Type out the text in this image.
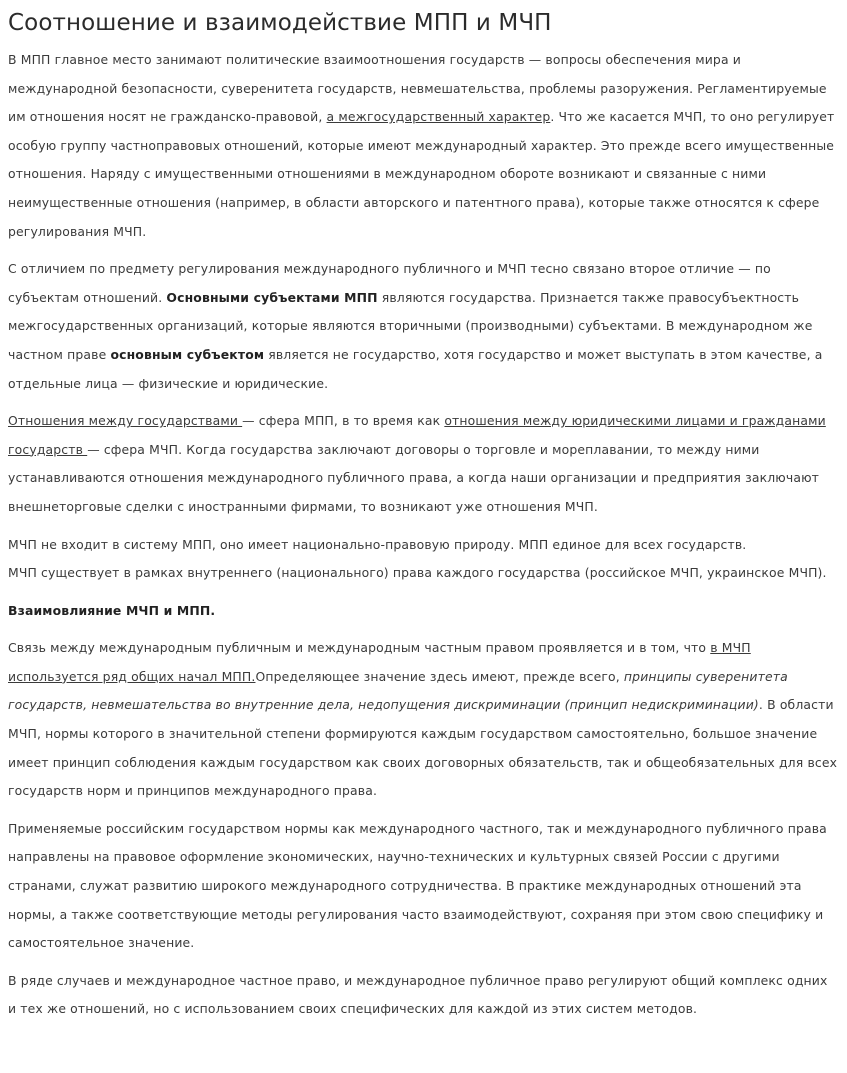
Соотношение и взаимодействие МПП и МЧП

В МПП главное место занимают политические взаимоотношения государств — вопросы обеспечения мира и международной безопасности, суверенитета государств, невмешательства, проблемы разоружения. Регламентируемые им отношения носят не гражданско-правовой, а межгосударственный характер. Что же касается МЧП, то оно регулирует особую группу частноправовых отношений, которые имеют международный характер. Это прежде всего имущественные отношения. Наряду с имущественными отношениями в международном обороте возникают и связанные с ними неимущественные отношения (например, в области авторского и патентного права), которые также относятся к сфере регулирования МЧП.

С отличием по предмету регулирования международного публичного и МЧП тесно связано второе отличие — по субъектам отношений. Основными субъектами МПП являются государства. Признается также правосубъектность межгосударственных организаций, которые являются вторичными (производными) субъектами. В международном же частном праве основным субъектом является не государство, хотя государство и может выступать в этом качестве, а отдельные лица — физические и юридические.

Отношения между государствами — сфера МПП, в то время как отношения между юридическими лицами и гражданами государств — сфера МЧП. Когда государства заключают договоры о торговле и мореплавании, то между ними устанавливаются отношения международного публичного права, а когда наши организации и предприятия заключают внешнеторговые сделки с иностранными фирмами, то возникают уже отношения МЧП.

МЧП не входит в систему МПП, оно имеет национально-правовую природу. МПП единое для всех государств.
МЧП существует в рамках внутреннего (национального) права каждого государства (российское МЧП, украинское МЧП).

Взаимовлияние МЧП и МПП.

Связь между международным публичным и международным частным правом проявляется и в том, что в МЧП используется ряд общих начал МПП.Определяющее значение здесь имеют, прежде всего, принципы суверенитета государств, невмешательства во внутренние дела, недопущения дискриминации (принцип недискриминации). В области МЧП, нормы которого в значительной степени формируются каждым государством самостоятельно, большое значение имеет принцип соблюдения каждым государством как своих договорных обязательств, так и общеобязательных для всех государств норм и принципов международного права.

Применяемые российским государством нормы как международного частного, так и международного публичного права направлены на правовое оформление экономических, научно-технических и культурных связей России с другими странами, служат развитию широкого международного сотрудничества. В практике международных отношений эта нормы, а также соответствующие методы регулирования часто взаимодействуют, сохраняя при этом свою специфику и самостоятельное значение.

В ряде случаев и международное частное право, и международное публичное право регулируют общий комплекс одних и тех же отношений, но с использованием своих специфических для каждой из этих систем методов.
